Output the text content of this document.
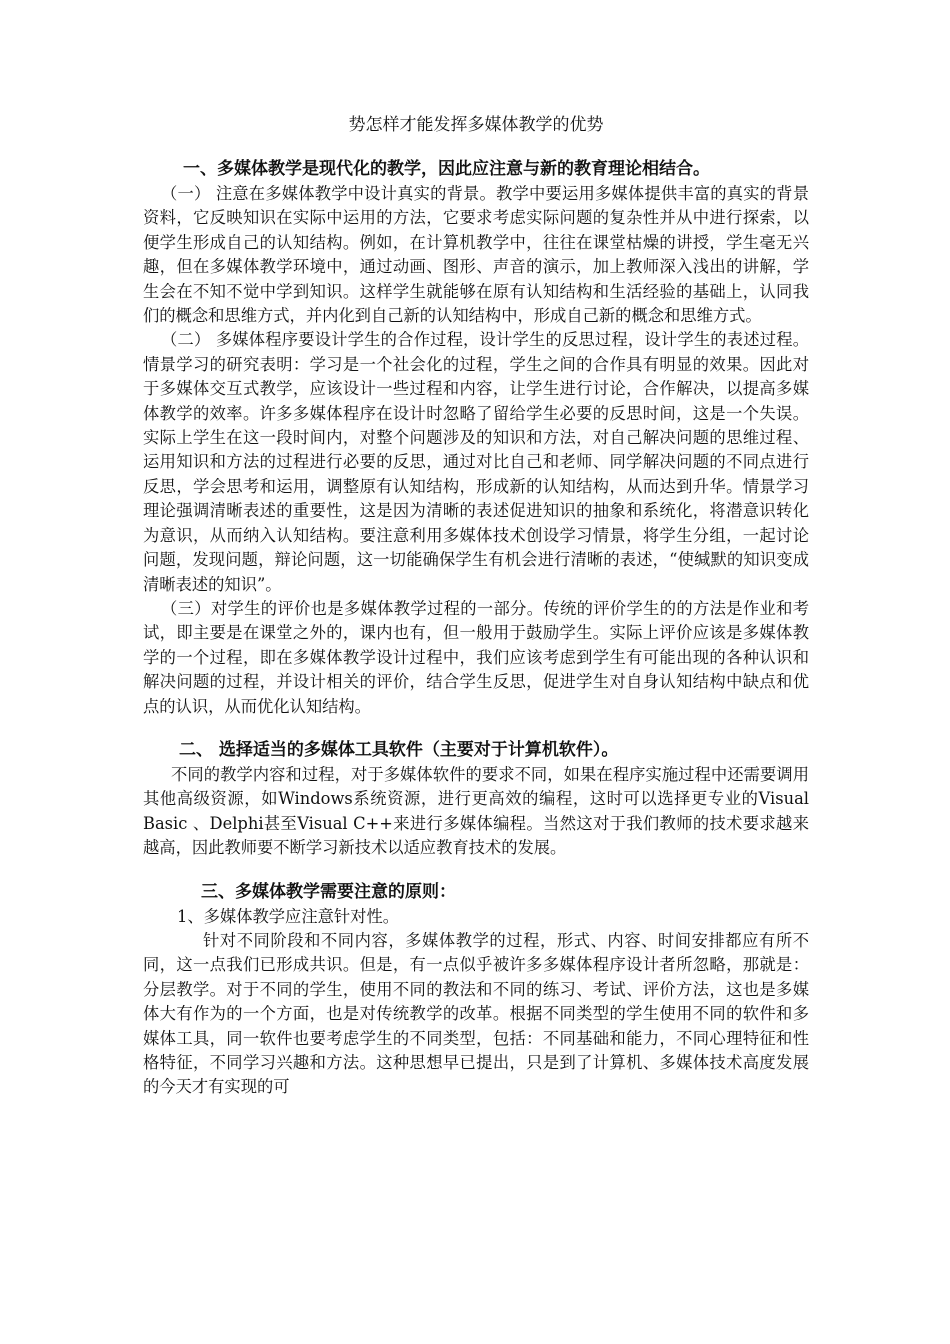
势怎样才能发挥多媒体教学的优势

一、多媒体教学是现代化的教学，因此应注意与新的教育理论相结合。

（一） 注意在多媒体教学中设计真实的背景。教学中要运用多媒体提供丰富的真实的背景资料，它反映知识在实际中运用的方法，它要求考虑实际问题的复杂性并从中进行探索，以便学生形成自己的认知结构。例如，在计算机教学中，往往在课堂枯燥的讲授，学生毫无兴趣，但在多媒体教学环境中，通过动画、图形、声音的演示，加上教师深入浅出的讲解，学生会在不知不觉中学到知识。这样学生就能够在原有认知结构和生活经验的基础上，认同我们的概念和思维方式，并内化到自己新的认知结构中，形成自己新的概念和思维方式。

（二） 多媒体程序要设计学生的合作过程，设计学生的反思过程，设计学生的表述过程。情景学习的研究表明：学习是一个社会化的过程，学生之间的合作具有明显的效果。因此对于多媒体交互式教学，应该设计一些过程和内容，让学生进行讨论，合作解决，以提高多媒体教学的效率。许多多媒体程序在设计时忽略了留给学生必要的反思时间，这是一个失误。实际上学生在这一段时间内，对整个问题涉及的知识和方法，对自己解决问题的思维过程、运用知识和方法的过程进行必要的反思，通过对比自己和老师、同学解决问题的不同点进行反思，学会思考和运用，调整原有认知结构，形成新的认知结构，从而达到升华。情景学习理论强调清晰表述的重要性，这是因为清晰的表述促进知识的抽象和系统化，将潜意识转化为意识，从而纳入认知结构。要注意利用多媒体技术创设学习情景，将学生分组，一起讨论问题，发现问题，辩论问题，这一切能确保学生有机会进行清晰的表述，“使缄默的知识变成清晰表述的知识”。

（三）对学生的评价也是多媒体教学过程的一部分。传统的评价学生的的方法是作业和考试，即主要是在课堂之外的，课内也有，但一般用于鼓励学生。实际上评价应该是多媒体教学的一个过程，即在多媒体教学设计过程中，我们应该考虑到学生有可能出现的各种认识和解决问题的过程，并设计相关的评价，结合学生反思，促进学生对自身认知结构中缺点和优点的认识，从而优化认知结构。

二、 选择适当的多媒体工具软件（主要对于计算机软件）。

不同的教学内容和过程，对于多媒体软件的要求不同，如果在程序实施过程中还需要调用其他高级资源，如Windows系统资源，进行更高效的编程，这时可以选择更专业的Visual Basic 、Delphi甚至Visual C++来进行多媒体编程。当然这对于我们教师的技术要求越来越高，因此教师要不断学习新技术以适应教育技术的发展。

三、多媒体教学需要注意的原则：

1、多媒体教学应注意针对性。

针对不同阶段和不同内容，多媒体教学的过程，形式、内容、时间安排都应有所不同，这一点我们已形成共识。但是，有一点似乎被许多多媒体程序设计者所忽略，那就是：分层教学。对于不同的学生，使用不同的教法和不同的练习、考试、评价方法，这也是多媒体大有作为的一个方面，也是对传统教学的改革。根据不同类型的学生使用不同的软件和多媒体工具，同一软件也要考虑学生的不同类型，包括：不同基础和能力，不同心理特征和性格特征，不同学习兴趣和方法。这种思想早已提出，只是到了计算机、多媒体技术高度发展的今天才有实现的可
